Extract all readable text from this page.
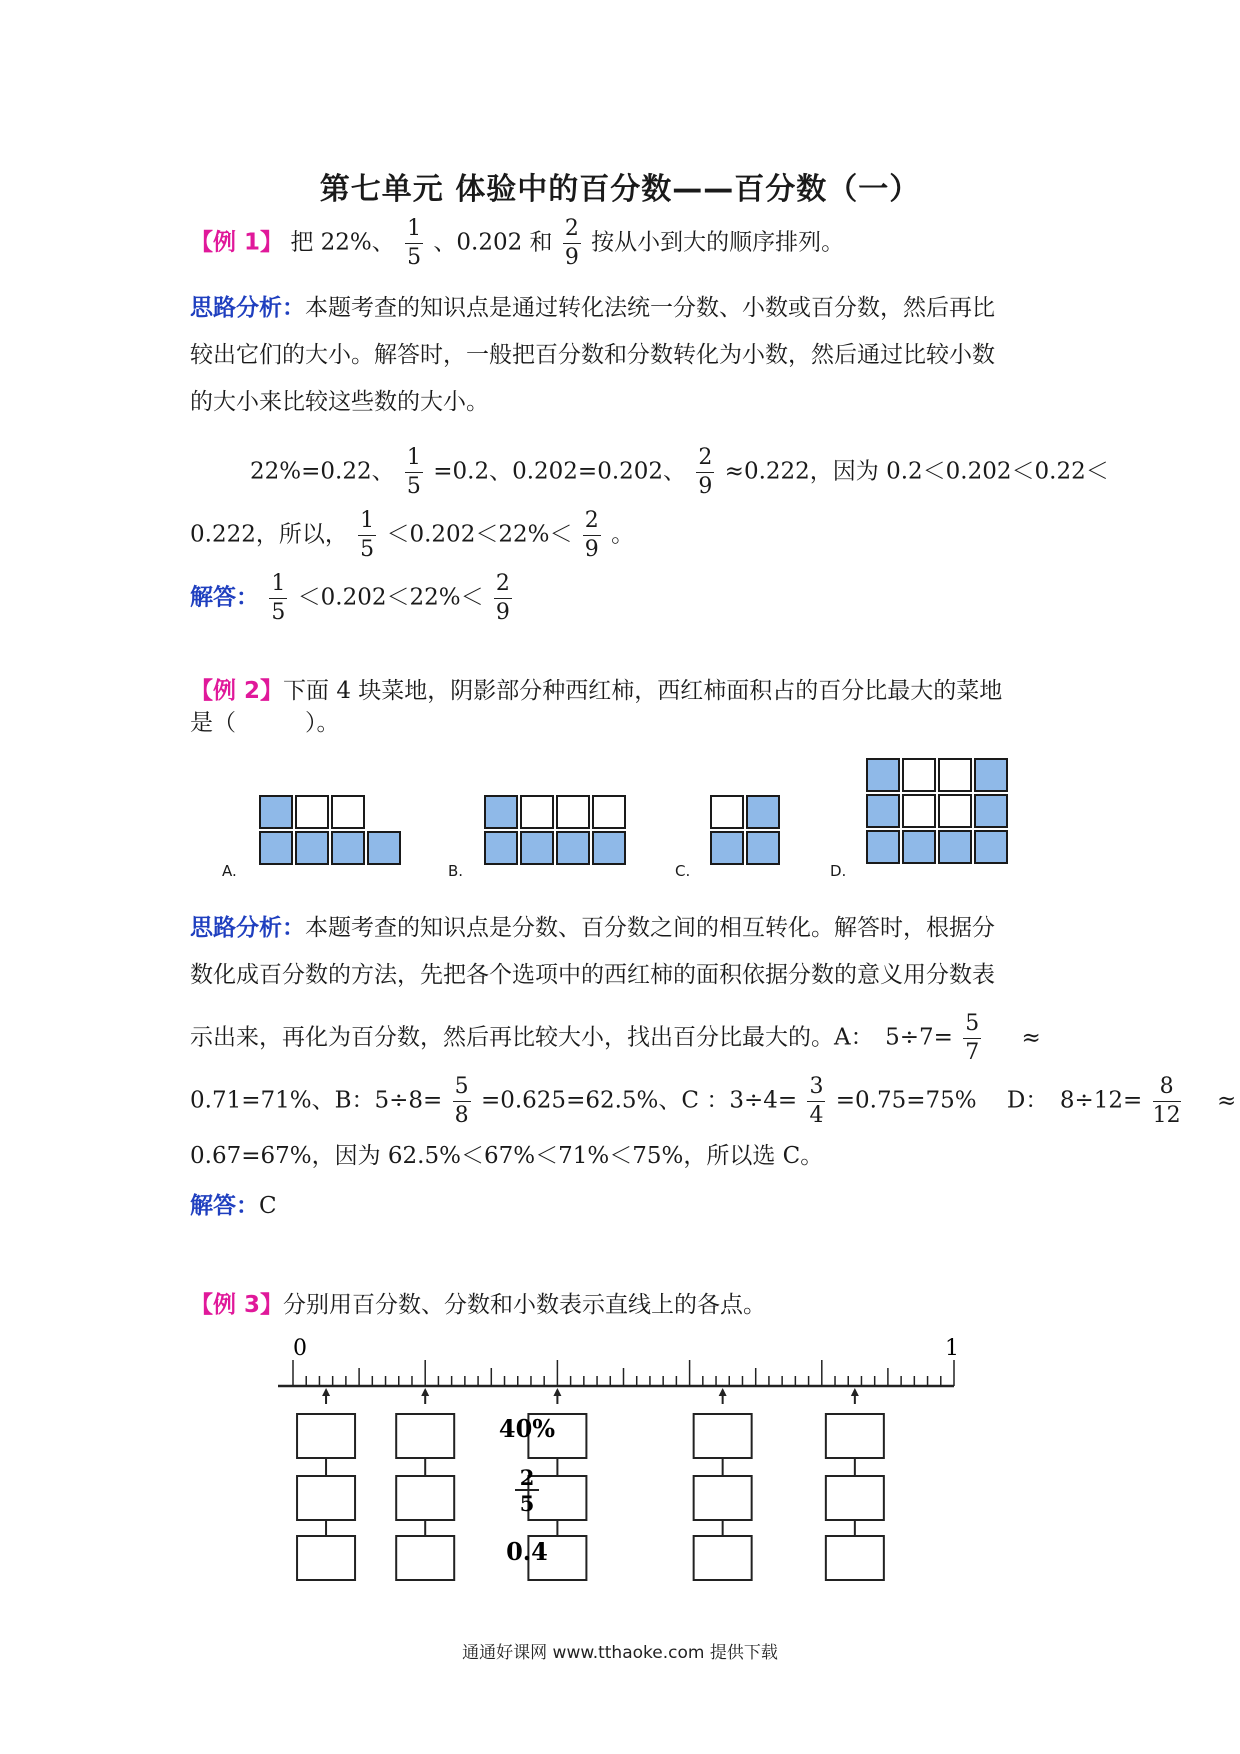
第七单元 体验中的百分数——百分数（一）
【例 1】 把 22%、 $\frac{1}{5}$ 、0.202 和 $\frac{2}{9}$ 按从小到大的顺序排列。
思路分析：本题考查的知识点是通过转化法统一分数、小数或百分数，然后再比
较出它们的大小。解答时，一般把百分数和分数转化为小数，然后通过比较小数
的大小来比较这些数的大小。
22%=0.22、 $\frac{1}{5} =0.2$、0.202=0.202、 $\frac{2}{9} \approx 0.222$，因为 0.2＜0.202＜0.22＜
0.222，所以， $\frac{1}{5} <0.202<22\%< \frac{2}{9}$ 。
解答： $\frac{1}{5} <0.202<22\%< \frac{2}{9}$
【例 2】下面 4 块菜地，阴影部分种西红柿，西红柿面积占的百分比最大的菜地
是（　　　）。
A.	B.	C.	D.
思路分析：本题考查的知识点是分数、百分数之间的相互转化。解答时，根据分
数化成百分数的方法，先把各个选项中的西红柿的面积依据分数的意义用分数表
示出来，再化为百分数，然后再比较大小，找出百分比最大的。A：　$5\div 7= \frac{5}{7}$ ≈
0.71=71%、B：$5\div 8= \frac{5}{8} =0.625=62.5\%$、C ：$3\div 4= \frac{3}{4} =0.75=75\%$　 D：　$8\div 12= \frac{8}{12}$ ≈
0.67=67%，因为 62.5%＜67%＜71%＜75%，所以选 C。
解答：C
【例 3】分别用百分数、分数和小数表示直线上的各点。
0	1
40%
2
5
0.4
通通好课网 www.tthaoke.com 提供下载
